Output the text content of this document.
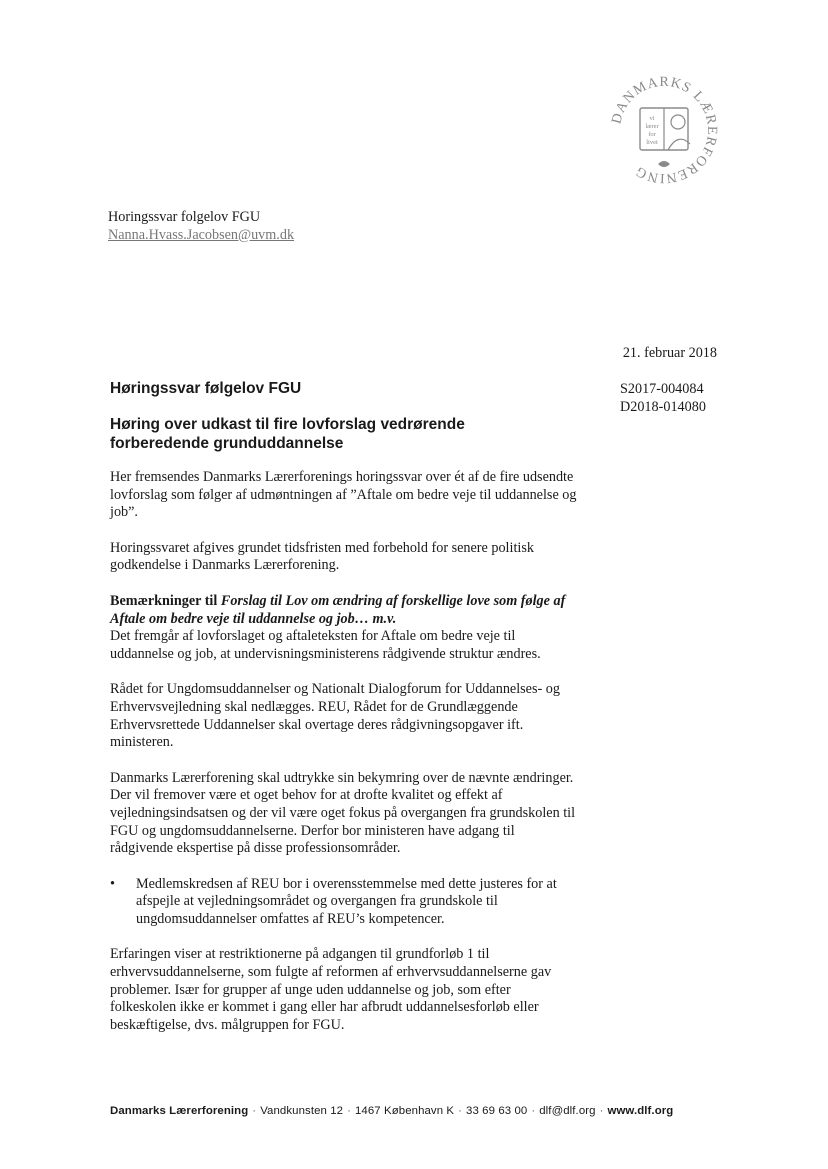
DANMARKS LÆRERFORENING
vi
lærer
for
livet
Horingssvar folgelov FGU
Nanna.Hvass.Jacobsen@uvm.dk
21. februar 2018
S2017-004084
D2018-014080
Høringssvar følgelov FGU
Høring over udkast til fire lovforslag vedrørende forberedende grunduddannelse

Her fremsendes Danmarks Lærerforenings horingssvar over ét af de fire udsendte lovforslag som følger af udmøntningen af ”Aftale om bedre veje til uddannelse og job”.

Horingssvaret afgives grundet tidsfristen med forbehold for senere politisk godkendelse i Danmarks Lærerforening.

Bemærkninger til Forslag til Lov om ændring af forskellige love som følge af Aftale om bedre veje til uddannelse og job… m.v.

Det fremgår af lovforslaget og aftaleteksten for Aftale om bedre veje til uddannelse og job, at undervisningsministerens rådgivende struktur ændres.

Rådet for Ungdomsuddannelser og Nationalt Dialogforum for Uddannelses- og Erhvervsvejledning skal nedlægges. REU, Rådet for de Grundlæggende Erhvervsrettede Uddannelser skal overtage deres rådgivningsopgaver ift. ministeren.

Danmarks Lærerforening skal udtrykke sin bekymring over de nævnte ændringer. Der vil fremover være et oget behov for at drofte kvalitet og effekt af vejledningsindsatsen og der vil være oget fokus på overgangen fra grundskolen til FGU og ungdomsuddannelserne. Derfor bor ministeren have adgang til rådgivende ekspertise på disse professionsområder.

• Medlemskredsen af REU bor i overensstemmelse med dette justeres for at afspejle at vejledningsområdet og overgangen fra grundskole til ungdomsuddannelser omfattes af REU’s kompetencer.

Erfaringen viser at restriktionerne på adgangen til grundforløb 1 til erhvervsuddannelserne, som fulgte af reformen af erhvervsuddannelserne gav problemer. Især for grupper af unge uden uddannelse og job, som efter folkeskolen ikke er kommet i gang eller har afbrudt uddannelsesforløb eller beskæftigelse, dvs. målgruppen for FGU.

Danmarks Lærerforening · Vandkunsten 12 · 1467 København K · 33 69 63 00 · dlf@dlf.org · www.dlf.org
